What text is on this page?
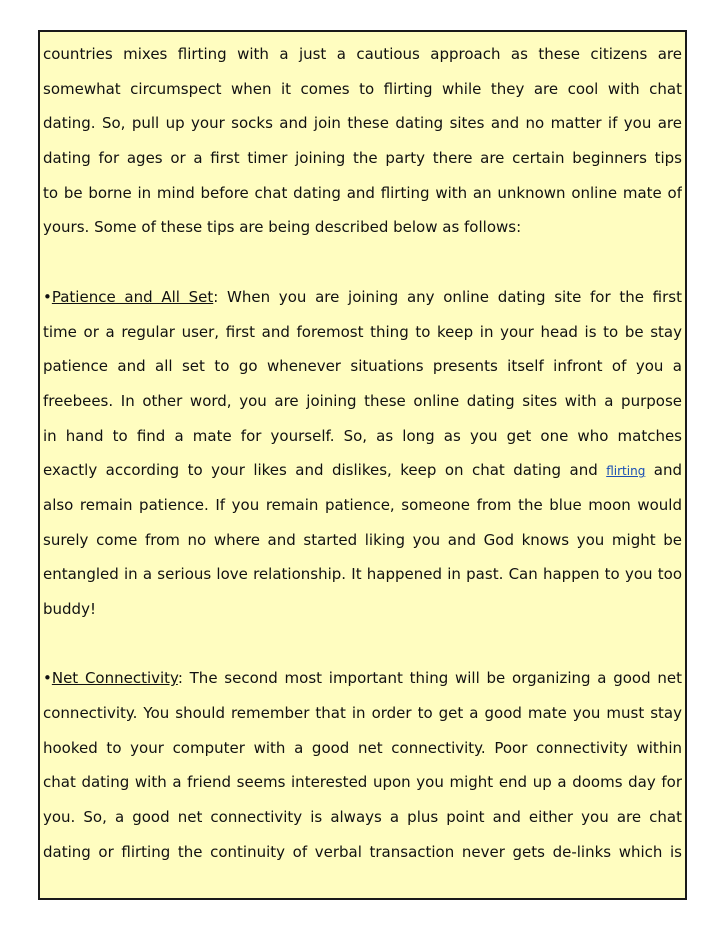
countries mixes flirting with a just a cautious approach as these citizens are
somewhat circumspect when it comes to flirting while they are cool with chat
dating. So, pull up your socks and join these dating sites and no matter if you are
dating for ages or a first timer joining the party there are certain beginners tips
to be borne in mind before chat dating and flirting with an unknown online mate of
yours. Some of these tips are being described below as follows:
•Patience and All Set: When you are joining any online dating site for the first
time or a regular user, first and foremost thing to keep in your head is to be stay
patience and all set to go whenever situations presents itself infront of you a
freebees. In other word, you are joining these online dating sites with a purpose
in hand to find a mate for yourself. So, as long as you get one who matches
exactly according to your likes and dislikes, keep on chat dating and flirting and
also remain patience. If you remain patience, someone from the blue moon would
surely come from no where and started liking you and God knows you might be
entangled in a serious love relationship. It happened in past. Can happen to you too
buddy!
•Net Connectivity: The second most important thing will be organizing a good net
connectivity. You should remember that in order to get a good mate you must stay
hooked to your computer with a good net connectivity. Poor connectivity within
chat dating with a friend seems interested upon you might end up a dooms day for
you. So, a good net connectivity is always a plus point and either you are chat
dating or flirting the continuity of verbal transaction never gets de-links which is
